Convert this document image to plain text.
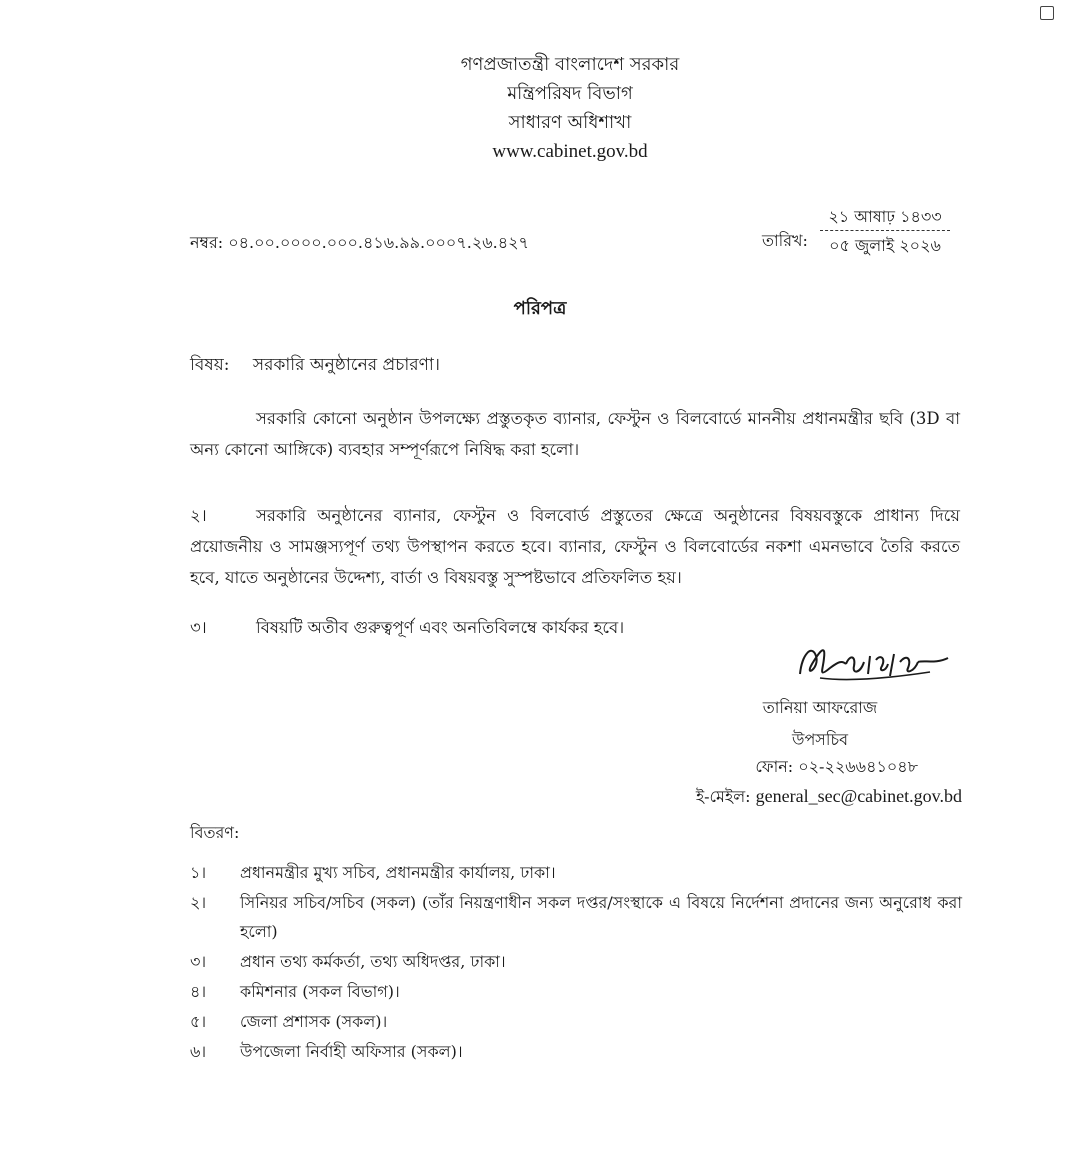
গণপ্রজাতন্ত্রী বাংলাদেশ সরকার
মন্ত্রিপরিষদ বিভাগ
সাধারণ অধিশাখা
www.cabinet.gov.bd
নম্বর: ০৪.০০.০০০০.০০০.৪১৬.৯৯.০০০৭.২৬.৪২৭	তারিখ:
২১ আষাঢ় ১৪৩৩
০৫ জুলাই ২০২৬
পরিপত্র
বিষয়: সরকারি অনুষ্ঠানের প্রচারণা।
সরকারি কোনো অনুষ্ঠান উপলক্ষ্যে প্রস্তুতকৃত ব্যানার, ফেস্টুন ও বিলবোর্ডে মাননীয় প্রধানমন্ত্রীর ছবি (3D বা অন্য কোনো আঙ্গিকে) ব্যবহার সম্পূর্ণরূপে নিষিদ্ধ করা হলো।
২।	সরকারি অনুষ্ঠানের ব্যানার, ফেস্টুন ও বিলবোর্ড প্রস্তুতের ক্ষেত্রে অনুষ্ঠানের বিষয়বস্তুকে প্রাধান্য দিয়ে প্রয়োজনীয় ও সামঞ্জস্যপূর্ণ তথ্য উপস্থাপন করতে হবে। ব্যানার, ফেস্টুন ও বিলবোর্ডের নকশা এমনভাবে তৈরি করতে হবে, যাতে অনুষ্ঠানের উদ্দেশ্য, বার্তা ও বিষয়বস্তু সুস্পষ্টভাবে প্রতিফলিত হয়।
৩।	বিষয়টি অতীব গুরুত্বপূর্ণ এবং অনতিবিলম্বে কার্যকর হবে।
তানিয়া আফরোজ
উপসচিব
ফোন: ০২-২২৬৬৪১০৪৮
ই-মেইল: general_sec@cabinet.gov.bd
বিতরণ:
১। প্রধানমন্ত্রীর মুখ্য সচিব, প্রধানমন্ত্রীর কার্যালয়, ঢাকা।
২। সিনিয়র সচিব/সচিব (সকল) (তাঁর নিয়ন্ত্রণাধীন সকল দপ্তর/সংস্থাকে এ বিষয়ে নির্দেশনা প্রদানের জন্য অনুরোধ করা হলো)
৩। প্রধান তথ্য কর্মকর্তা, তথ্য অধিদপ্তর, ঢাকা।
৪। কমিশনার (সকল বিভাগ)।
৫। জেলা প্রশাসক (সকল)।
৬। উপজেলা নির্বাহী অফিসার (সকল)।
